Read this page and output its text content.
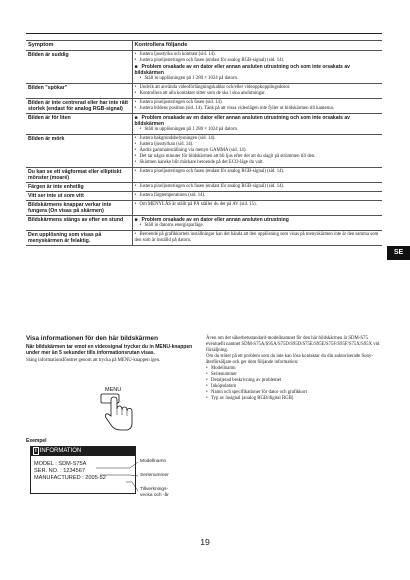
Symptom	Kontrollera följande
Bilden är suddig	• Justera ljusstyrka och kontrast (sid. 14).
• Justera pixeljusteringen och fasen (endast för analog RGB-signal) (sid. 14).
■ Problem orsakade av en dator eller annan ansluten utrustning och som inte orsakats av bildskärmen
• Ställ in upplösningen på 1 280 × 1024 på datorn.

Bilden "spökar"	• Undvik att använda videoförlängningskablar och/eller videoppkopplingsdosor.
• Kontrollera att alla kontakter sitter som de ska i sina anslutningar.

Bilden är inte centrerad eller har inte rätt storlek (endast för analog RGB-signal)	• Justera pixeljusteringen och fasen (sid. 14).
• Justera bildens position (sid. 14). Tänk på att vissa videolägen inte fyller ut bildskärmen till kanterna.

Bilden är för liten	■ Problem orsakade av en dator eller annan ansluten utrustning och som inte orsakats av bildskärmen
• Ställ in upplösningen på 1 280 × 1024 på datorn.

Bilden är mörk	• Justera bakgrundsbelysningen (sid. 14).
• Justera ljusstyrkan (sid. 14).
• Ändra gammainställning via menyn GAMMA (sid. 14).
• Det tar några minuter för bildskärmen att bli ljus efter det att du slagit på strömmen till den.
• Skärmen kanske blir mörkare beroende på det ECO-läge du valt.

Du kan se ett vågformat eller elliptiskt mönster (moaré)	• Justera pixeljusteringen och fasen (endast för analog RGB-signal) (sid. 14).

Färgen är inte enhetlig	• Justera pixeljusteringen och fasen (endast för analog RGB-signal) (sid. 14).

Vitt ser inte ut som vitt	• Justera färgtemperaturen (sid. 14).

Bildskärmens knappar verkar inte fungera (On visas på skärmen)	• Om MENYLÅS är ställt på PÅ ställer du det på AV (sid. 15).

Bildskärmens stängs av efter en stund	■ Problem orsakade av en dator eller annan ansluten utrustning
• Ställ in datorns energisparläge.

Den upplösning som visas på menyskärmen är felaktig.	• Beroende på grafikkortets inställningar kan det hända att den upplösning som visas på menyskärmen inte är den samma som den som är inställd på datorn.
SE
Visa informationen för den här bildskärmen

När bildskärmen tar emot en videosignal trycker du in MENU-knappen under mer än 5 sekunder tills informationsrutan visas.

Stäng informationsfönstret genom att trycka på MENU-knappen igen.

MENU
Exempel
i INFORMATION
MODEL : SDM-S75A
SER. NO. : 1234567
MANUFACTURED : 2005-52
Modellnamn
Serienummer
Tillverknings-vecka och -år

Även om det säkerhetsstandard-modellnamnet för den här bildskärmen är SDM-S75 eventuellt namnet SDM-S75A/S95A/S75D/S95D/S75E/S95E/S75F/S95F/S75X/S95X vid försäljning.

Om du stöter på ett problem som du inte kan lösa kontaktar du din auktoriserade Sony-återförsäljare och ger dem följande information:

• Modellnamn
• Serienummer
• Detaljerad beskrivning av problemet
• Inköpsdatum
• Namn och specifikationer för dator och grafikkort
• Typ av insignal (analog RGB/digital RGB)
19
